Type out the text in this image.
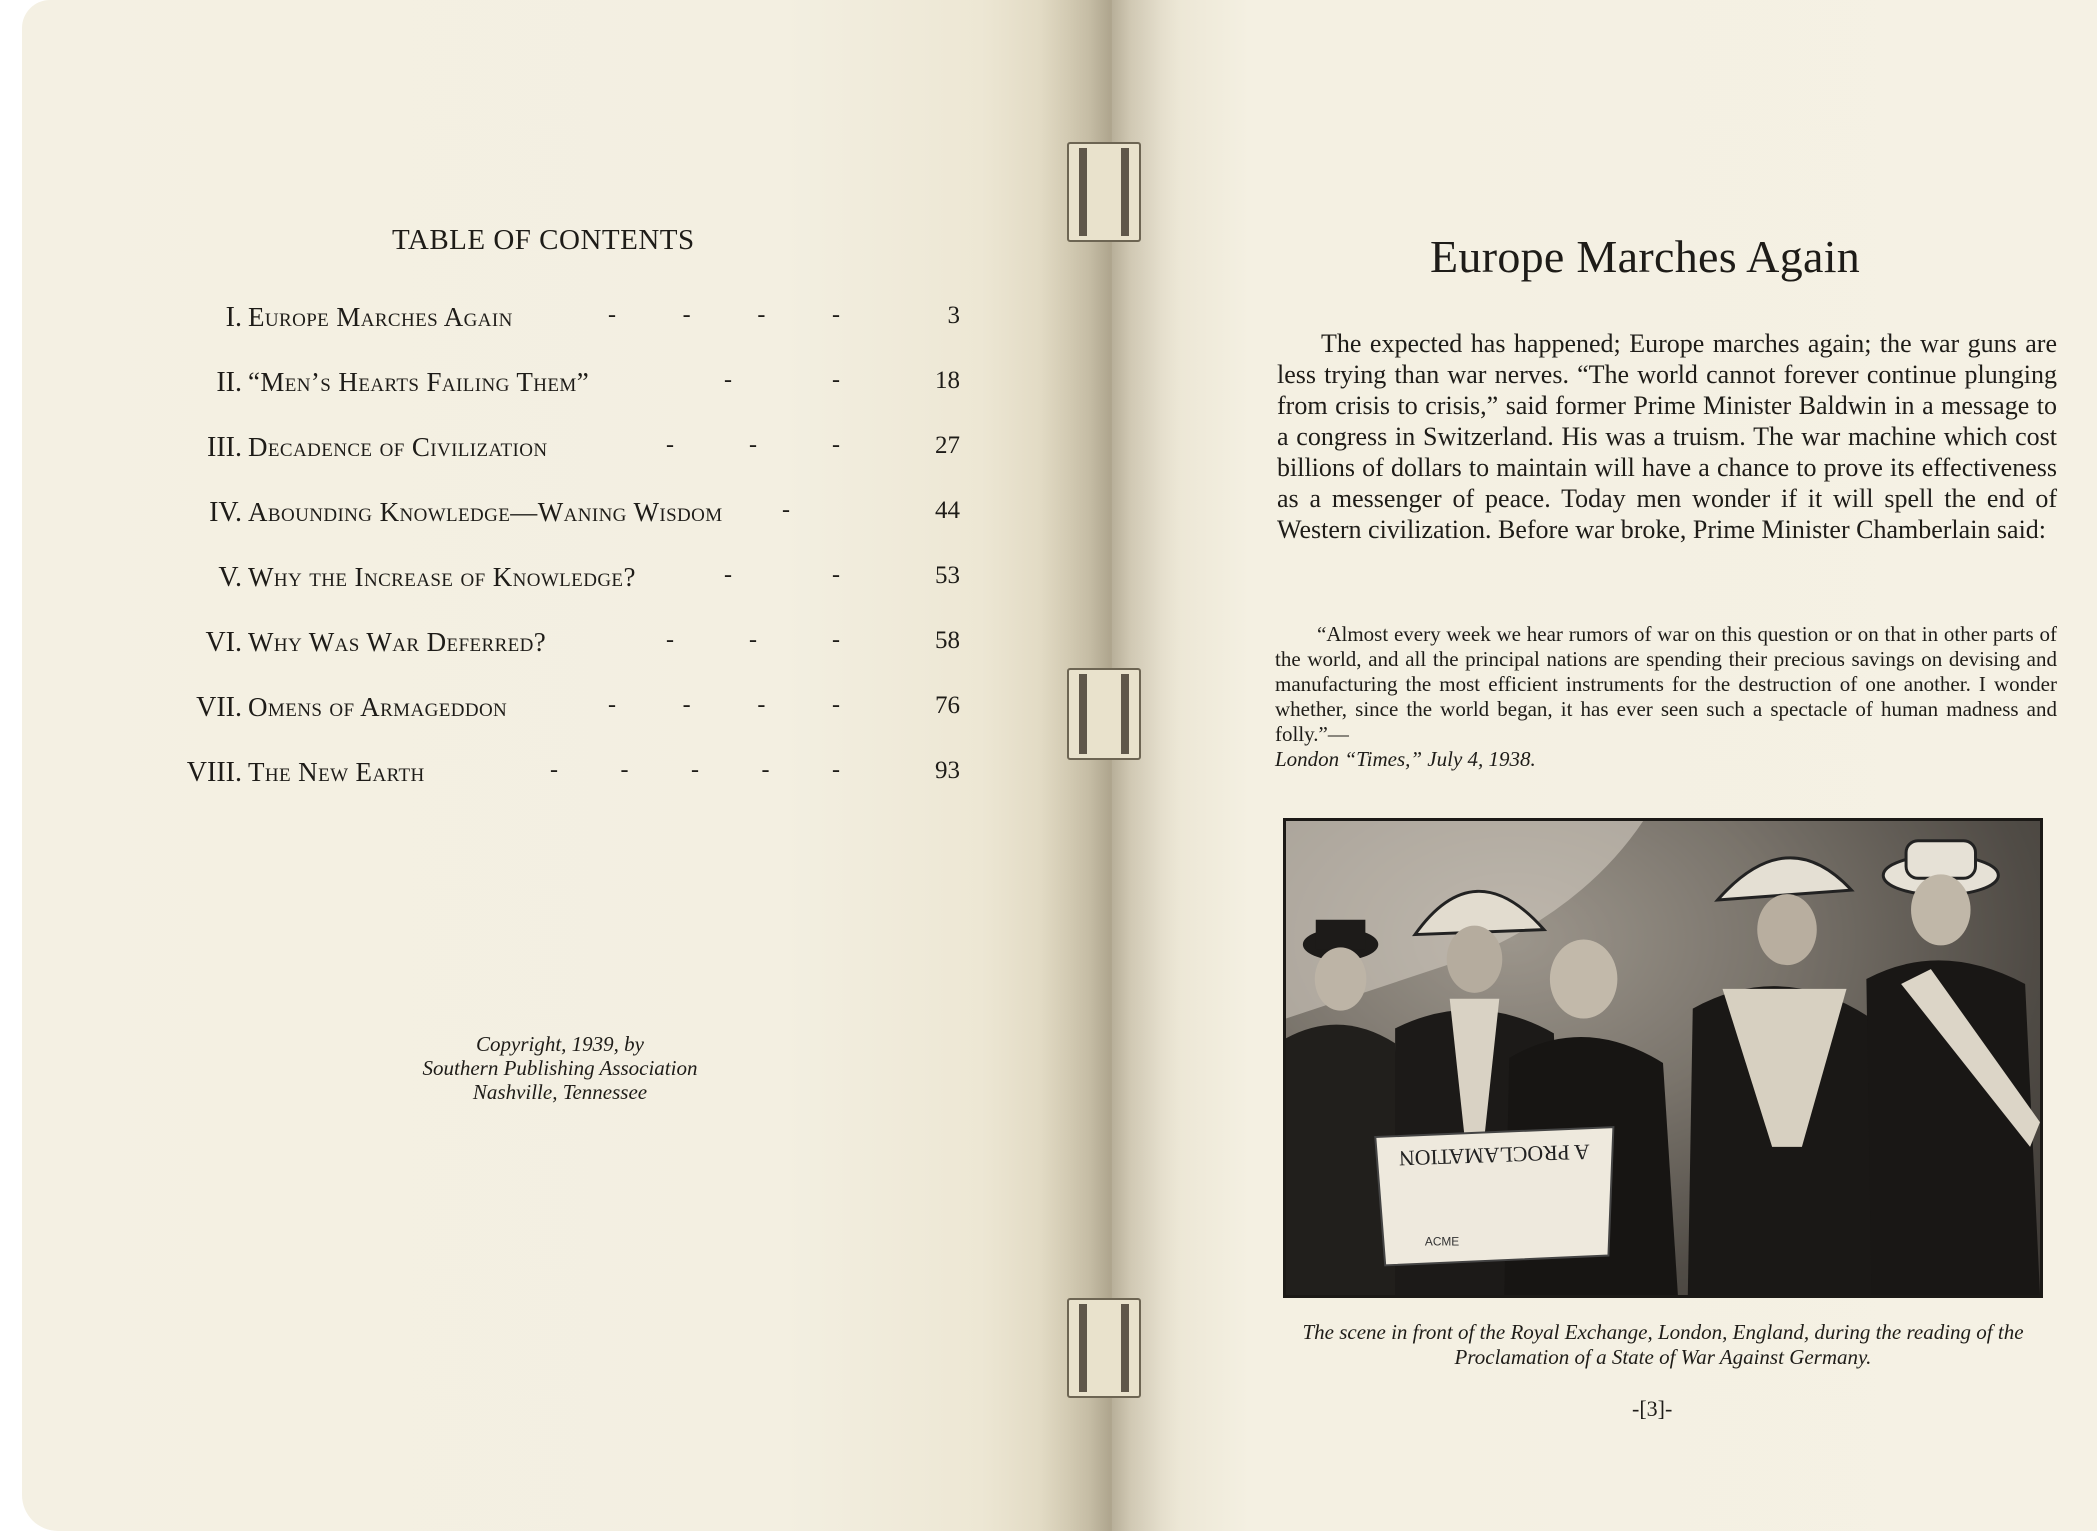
TABLE OF CONTENTS
I. Europe Marches Again	-	-	-	-	3
II. “Men’s Hearts Failing Them”	-	-	18
III. Decadence of Civilization	-	-	-	27
IV. Abounding Knowledge—Waning Wisdom -	44
V. Why the Increase of Knowledge?	-	-	53
VI. Why Was War Deferred?	-	-	-	58
VII. Omens of Armageddon	-	-	-	-	76
VIII. The New Earth	-	-	-	-	-	93
Copyright, 1939, by
Southern Publishing Association
Nashville, Tennessee
Europe Marches Again

The expected has happened; Europe marches again; the war guns are less trying than war nerves. “The world cannot forever continue plunging from crisis to crisis,” said former Prime Minister Baldwin in a message to a congress in Switzerland. His was a truism. The war machine which cost billions of dollars to maintain will have a chance to prove its effectiveness as a messenger of peace. Today men wonder if it will spell the end of Western civilization. Before war broke, Prime Minister Chamberlain said:

“Almost every week we hear rumors of war on this question or on that in other parts of the world, and all the principal nations are spending their precious savings on devising and manufacturing the most efficient instruments for the destruction of one another. I wonder whether, since the world began, it has ever seen such a spectacle of human madness and folly.”—
London “Times,” July 4, 1938.

A PROCLAMATION
ACME
The scene in front of the Royal Exchange, London, England, during the reading of the Proclamation of a State of War Against Germany.
-[3]-
